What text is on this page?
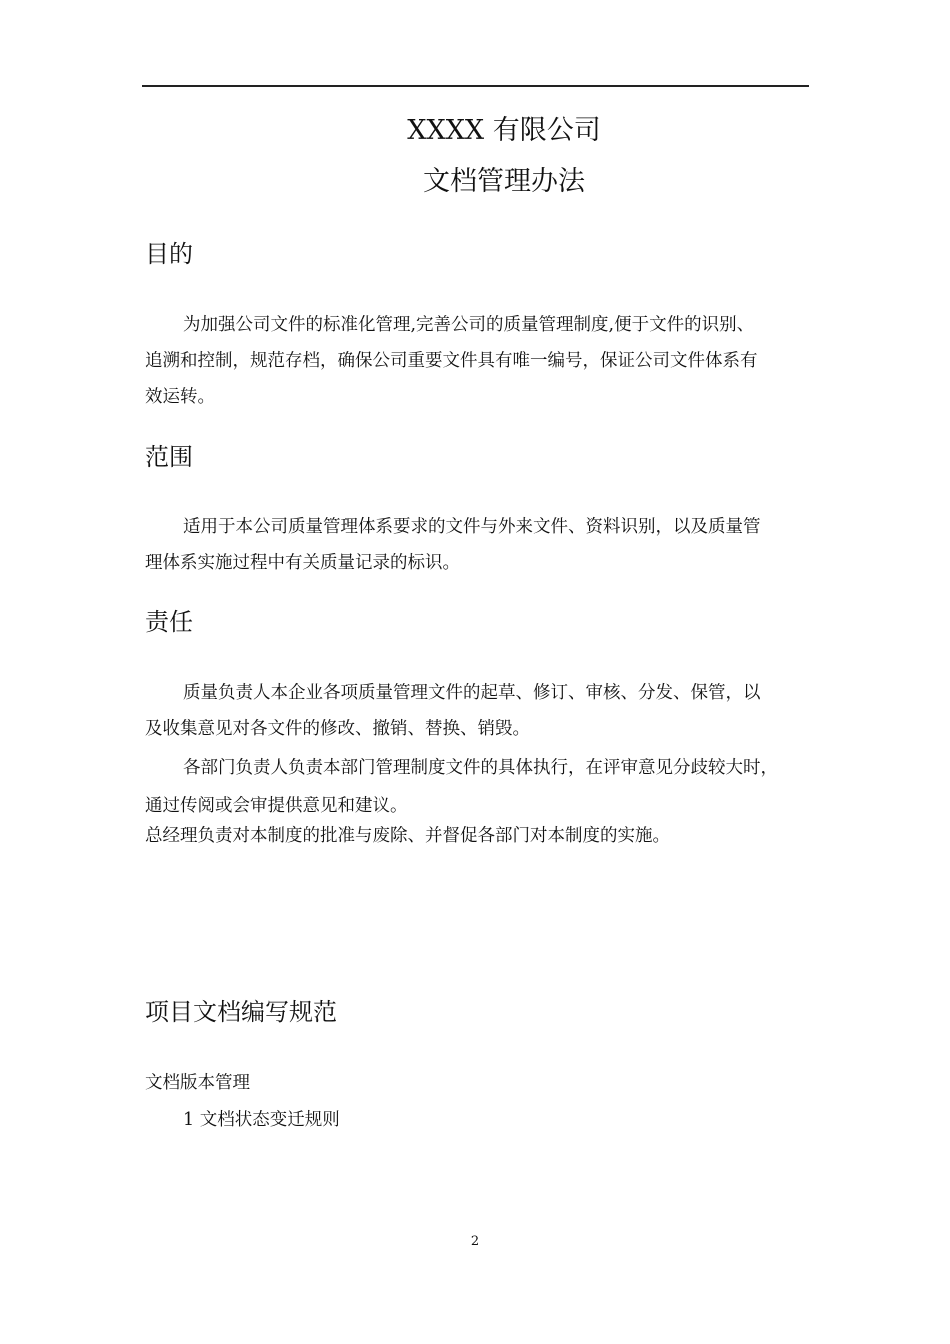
XXXX 有限公司
文档管理办法
目的
为加强公司文件的标准化管理,完善公司的质量管理制度,便于文件的识别、
追溯和控制，规范存档，确保公司重要文件具有唯一编号，保证公司文件体系有
效运转。
范围
适用于本公司质量管理体系要求的文件与外来文件、资料识别，以及质量管
理体系实施过程中有关质量记录的标识。
责任
质量负责人本企业各项质量管理文件的起草、修订、审核、分发、保管，以
及收集意见对各文件的修改、撤销、替换、销毁。
各部门负责人负责本部门管理制度文件的具体执行，在评审意见分歧较大时，
通过传阅或会审提供意见和建议。
总经理负责对本制度的批准与废除、并督促各部门对本制度的实施。
项目文档编写规范
文档版本管理
1 文档状态变迁规则
2
